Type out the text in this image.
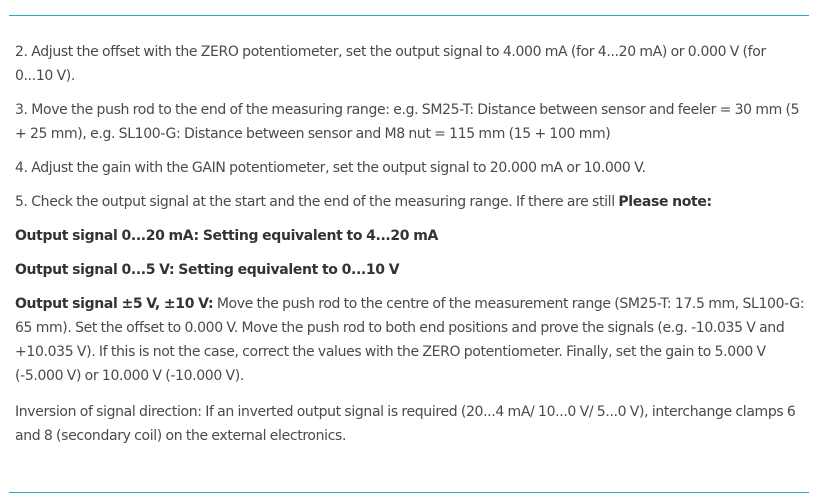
2. Adjust the offset with the ZERO potentiometer, set the output signal to 4.000 mA (for 4...20 mA) or 0.000 V (for 0...10 V).

3. Move the push rod to the end of the measuring range: e.g. SM25-T: Distance between sensor and feeler = 30 mm (5 + 25 mm), e.g. SL100-G: Distance between sensor and M8 nut = 115 mm (15 + 100 mm)

4. Adjust the gain with the GAIN potentiometer, set the output signal to 20.000 mA or 10.000 V.

5. Check the output signal at the start and the end of the measuring range. If there are still Please note:

Output signal 0...20 mA: Setting equivalent to 4...20 mA

Output signal 0...5 V: Setting equivalent to 0...10 V

Output signal ±5 V, ±10 V: Move the push rod to the centre of the measurement range (SM25-T: 17.5 mm, SL100-G: 65 mm). Set the offset to 0.000 V. Move the push rod to both end positions and prove the signals (e.g. -10.035 V and +10.035 V). If this is not the case, correct the values with the ZERO potentiometer. Finally, set the gain to 5.000 V (-5.000 V) or 10.000 V (-10.000 V).

Inversion of signal direction: If an inverted output signal is required (20...4 mA/ 10...0 V/ 5...0 V), interchange clamps 6 and 8 (secondary coil) on the external electronics.
